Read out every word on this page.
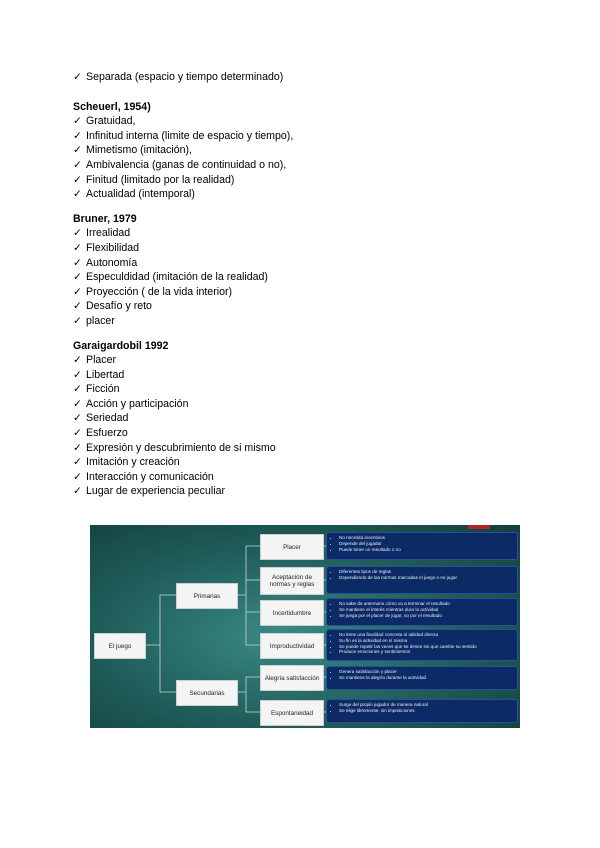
✓ Separada (espacio y tiempo determinado)
Scheuerl, 1954)
✓ Gratuidad,
✓ Infinitud interna (limite de espacio y tiempo),
✓ Mimetismo (imitación),
✓ Ambivalencia (ganas de continuidad o no),
✓ Finitud (limitado por la realidad)
✓ Actualidad (intemporal)
Bruner, 1979
✓ Irrealidad
✓ Flexibilidad
✓ Autonomía
✓ Especuldidad (imitación de la realidad)
✓ Proyección ( de la vida interior)
✓ Desafío y reto
✓ placer
Garaigardobil 1992
✓ Placer
✓ Libertad
✓ Ficción
✓ Acción y participación
✓ Seriedad
✓ Esfuerzo
✓ Expresión y descubrimiento de si mismo
✓ Imitación y creación
✓ Interacción y comunicación
✓ Lugar de experiencia peculiar
El juego
Primarias
Secundarias
Placer
Aceptación de normas y reglas
Incertidumbre
Improductividad
Alegría satisfacción
Espontaneidad
• No necesita incentivos
• Depende del jugador
• Puede tener un resultado o no
• Diferentes tipos de reglas
• Dependiendo de las normas marcadas el juego o no jugar
• No sabe de antemano cómo va a terminar el resultado
• Se mantiene el interés mientras dura la actividad
• Se juega por el placer de jugar, no por el resultado
• No tiene una finalidad concreta ni utilidad directa
• Su fin es la actividad en sí misma
• Se puede repetir las veces que se desee sin que cambie su sentido
• Produce emociones y sentimientos
• Genera satisfacción y placer
• Se mantiene la alegría durante la actividad
• Surge del propio jugador de manera natural
• Se elige libremente, sin imposiciones
